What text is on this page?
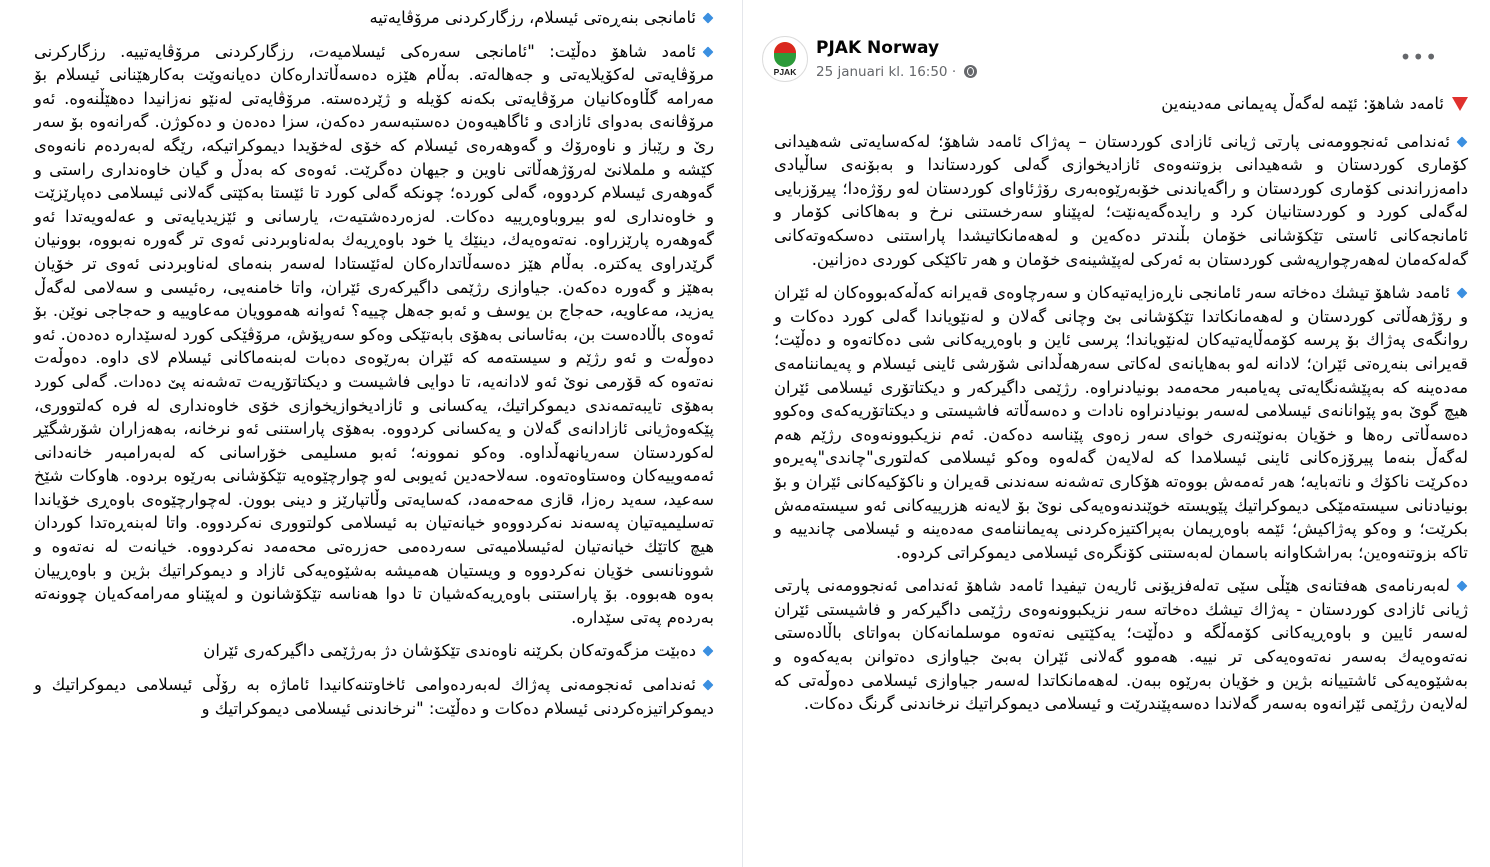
ئامانجی بنەڕەتی ئیسلام، رزگارکردنی مرۆڤایەتیە

ئامەد شاهۆ دەڵێت: "ئامانجی سەرەکی ئیسلامیەت، رزگارکردنی مرۆڤایەتییە. رزگارکرنی مرۆڤایەتی لەکۆیلایەتی و جەهالەتە. بەڵام هێزە دەسەڵاتدارەکان دەیانەوێت بەکارهێنانی ئیسلام بۆ مەرامە گڵاوەکانیان مرۆڤایەتی بکەنە کۆیلە و ژێردەستە. مرۆڤایەتی لەنێو نەزانیدا دەهێڵنەوە. ئەو مرۆڤانەی بەدوای ئازادی و ئاگاهیەوەن دەستبەسەر دەکەن، سزا دەدەن و دەکوژن. گەرانەوە بۆ سەر رێ و رێباز و ناوەرۆك و گەوهەرەی ئیسلام کە خۆی لەخۆیدا دیموکراتیکە، رێگە لەبەردەم نانەوەی کێشە و ململانێ لەرۆژهەڵاتی ناوین و جیهان دەگرێت. ئەوەی کە بەدڵ و گیان خاوەنداری راستی و گەوهەری ئیسلام کردووە، گەلی کوردە؛ چونکە گەلی کورد تا ئێستا بەکێتی گەلانی ئیسلامی دەپارێزێت و خاوەنداری لەو بیروباوەڕییە دەکات. لەزەردەشتیەت، یارسانی و ئێزیدیایەتی و عەلەویەتدا ئەو گەوهەرە پارێزراوە. نەتەوەیەك، دینێك یا خود باوەڕیەك بەلەناوبردنی ئەوی تر گەورە نەبووە، بوونیان گرێدراوی یەکترە. بەڵام هێز دەسەڵاتدارەکان لەئێستادا لەسەر بنەمای لەناوبردنی ئەوی تر خۆیان بەهێز و گەورە دەکەن. جیاوازی رژێمی داگیرکەری ئێران، واتا خامنەیی، رەئیسی و سەلامی لەگەڵ یەزید، مەعاویە، حەجاج بن یوسف و ئەبو جەهل چییە؟ ئەوانە هەموویان مەعاوییە و حەجاجی نوێن. بۆ ئەوەی باڵادەست بن، بەئاسانی بەهۆی بابەتێکی وەکو سەرپۆش، مرۆڤێکی کورد لەسێدارە دەدەن. ئەو دەوڵەت و ئەو رژێم و سیستەمە کە ئێران بەرێوەی دەبات لەبنەماکانی ئیسلام لای داوە. دەوڵەت نەتەوە کە قۆرمی نوێ ئەو لادانەیە، تا دوایی فاشیست و دیکتاتۆریەت تەشەنە پێ دەدات. گەلی کورد بەهۆی تایبەتمەندی دیموکراتیك، یەکسانی و ئازادیخوازیخوازی خۆی خاوەنداری لە فرە کەلتووری، پێکەوەژیانی ئازادانەی گەلان و یەکسانی کردووە. بەهۆی پاراستنی ئەو نرخانە، بەهەزاران شۆرشگێڕ لەکوردستان سەریانهەڵداوە. وەکو نموونە؛ ئەبو مسلیمی خۆراسانی کە لەبەرامبەر خانەدانی ئەمەوییەکان وەستاوەتەوە. سەلاحەدین ئەیوبی لەو چوارچێوەیە تێکۆشانی بەرێوە بردوە. هاوکات شێخ سەعید، سەید رەزا، قازی مەحەمەد، کەسایەتی وڵاتپارێز و دینی بوون. لەچوارچێوەی باوەڕی خۆیاندا تەسلیمیەتیان پەسەند نەکردووەو خیانەتیان بە ئیسلامی کولتووری نەکردووە. واتا لەبنەڕەتدا کوردان هیچ کاتێك خیانەتیان لەئیسلامیەتی سەردەمی حەزرەتی محەمەد نەکردووە. خیانەت لە نەتەوە و شوونانسی خۆیان نەکردووە و ویستیان هەمیشە بەشێوەیەکی ئازاد و دیموکراتیك بژین و باوەڕییان بەوە هەبووە. بۆ پاراستنی باوەڕیەکەشیان تا دوا هەناسە تێکۆشانون و لەپێناو مەرامەکەیان چوونەتە بەردەم پەتی سێدارە.

دەبێت مزگەوتەکان بکرێنە ناوەندی تێکۆشان دژ بەرژێمی داگیرکەری ئێران

ئەندامی ئەنجومەنی پەژاك لەبەردەوامی ئاخاوتنەکانیدا ئاماژە بە رۆڵی ئیسلامی دیموکراتیك و دیموکراتیزەکردنی ئیسلام دەکات و دەڵێت: "نرخاندنی ئیسلامی دیموکراتیك و

PJAK
PJAK Norway
25 januari kl. 16:50 ·
•••

ئامەد شاهۆ: ئێمە لەگەڵ پەیمانی مەدینەین

ئەندامی ئەنجوومەنی پارتی ژیانی ئازادی کوردستان – پەژاک ئامەد شاهۆ؛ لەکەسایەتی شەهیدانی کۆماری کوردستان و شەهیدانی بزوتنەوەی ئازادیخوازی گەلی کوردستاندا و بەبۆنەی ساڵیادی دامەزراندنی کۆماری کوردستان و راگەیاندنی خۆبەرێوەبەری رۆژئاوای کوردستان لەو رۆژەدا؛ پیرۆزبایی لەگەلی کورد و کوردستانیان کرد و رایدەگەیەنێت؛ لەپێناو سەرخستنی نرخ و بەهاکانی کۆمار و ئامانجەکانی ئاستی تێکۆشانی خۆمان بڵندتر دەکەین و لەهەمانکاتیشدا پاراستنی دەسکەوتەکانی گەلەکەمان لەهەرچوارپەشی کوردستان بە ئەرکی لەپێشینەی خۆمان و هەر تاکێکی کوردی دەزانین.

ئامەد شاهۆ تیشك دەخاتە سەر ئامانجی ناڕەزایەتیەکان و سەرچاوەی قەیرانە کەڵەکەبووەکان لە ئێران و رۆژهەڵاتی کوردستان و لەهەمانکاتدا تێکۆشانی بێ وچانی گەلان و لەنێویاندا گەلی کورد دەکات و روانگەی پەژاك بۆ پرسە کۆمەڵایەتیەکان لەنێویاندا؛ پرسی ئاین و باوەڕیەکانی شی دەکاتەوە و دەڵێت؛ قەیرانی بنەڕەتی ئێران؛ لادانە لەو بەهایانەی لەکاتی سەرهەڵدانی شۆرشی ئاینی ئیسلام و پەیماننامەی مەدەینە کە بەپێشەنگایەتی پەیامبەر محەمەد بونیادنراوە. رژێمی داگیرکەر و دیکتاتۆری ئیسلامی ئێران هیچ گوێ بەو پێوانانەی ئیسلامی لەسەر بونیادنراوە نادات و دەسەڵاتە فاشیستی و دیکتاتۆریەکەی وەکوو دەسەڵاتی رەها و خۆیان بەنوێنەری خوای سەر زەوی پێناسە دەکەن. ئەم نزیکبوونەوەی رژێم هەم لەگەڵ بنەما پیرۆزەکانی ئاینی ئیسلامدا کە لەلایەن گەلەوە وەکو ئیسلامی کەلتوری"چاندی"پەیرەو دەکرێت ناکۆك و ناتەبایە؛ هەر ئەمەش بووەتە هۆکاری تەشەنە سەندنی قەیران و ناکۆکیەکانی ئێران و بۆ بونیادنانی سیستەمێکی دیموکراتیك پێویستە خوێندنەوەیەکی نوێ بۆ لایەنە هزرییەکانی ئەو سیستەمەش بکرێت؛ و وەکو پەژاکیش؛ ئێمە باوەڕیمان بەپراکتیزەکردنی پەیماننامەی مەدەینە و ئیسلامی چاندییە و تاکە بزوتنەوەین؛ بەراشکاوانە باسمان لەبەستنی کۆنگرەی ئیسلامی دیموکراتی کردوە.

لەبەرنامەی هەفتانەی هێڵی سێی تەلەفزیۆنی ئاریەن تیفیدا ئامەد شاهۆ ئەندامی ئەنجوومەنی پارتی ژیانی ئازادی کوردستان - پەژاك تیشك دەخاتە سەر نزیکبوونەوەی رژێمی داگیرکەر و فاشیستی ئێران لەسەر ئایین و باوەڕیەکانی کۆمەڵگە و دەڵێت؛ یەکێتیی نەتەوە موسلمانەکان بەواتای باڵادەستی نەتەوەیەك بەسەر نەتەوەیەکی تر نییە. هەموو گەلانی ئێران بەبێ جیاوازی دەتوانن بەیەکەوە و بەشێوەیەکی ئاشتییانە بژین و خۆیان بەرێوە ببەن. لەهەمانکاتدا لەسەر جیاوازی ئیسلامی دەوڵەتی کە لەلایەن رژێمی ئێرانەوە بەسەر گەلاندا دەسەپێندرێت و ئیسلامی دیموکراتیك نرخاندنی گرنگ دەکات.
